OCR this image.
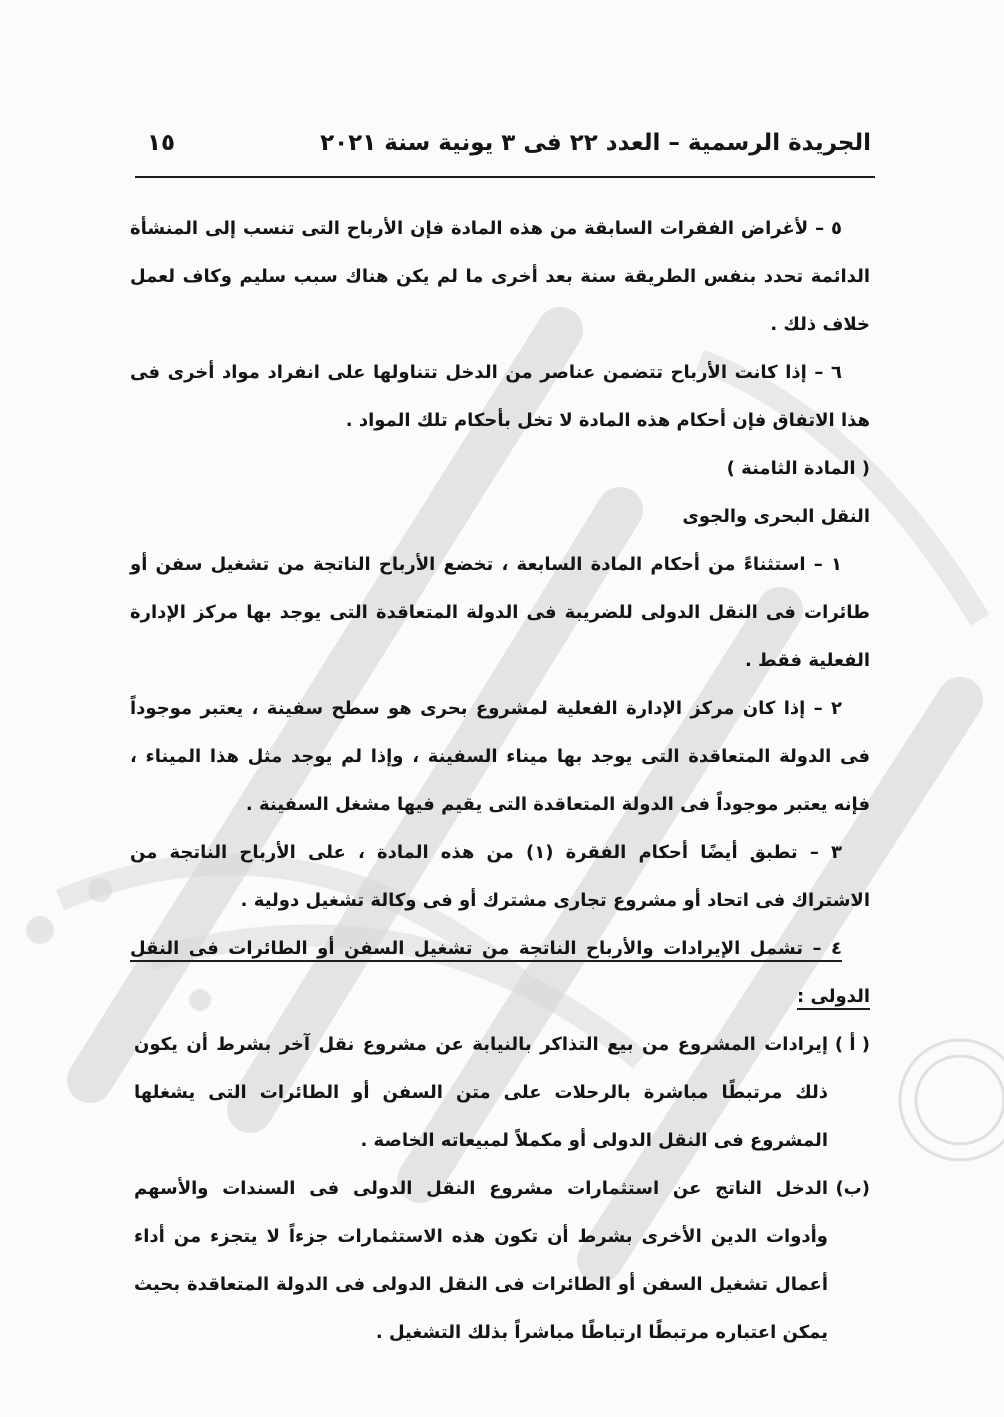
الجريدة الرسمية – العدد ٢٢ فى ٣ يونية سنة ٢٠٢١
١٥

٥ – لأغراض الفقرات السابقة من هذه المادة فإن الأرباح التى تنسب إلى المنشأة الدائمة تحدد بنفس الطريقة سنة بعد أخرى ما لم يكن هناك سبب سليم وكاف لعمل خلاف ذلك .

٦ – إذا كانت الأرباح تتضمن عناصر من الدخل تتناولها على انفراد مواد أخرى فى هذا الاتفاق فإن أحكام هذه المادة لا تخل بأحكام تلك المواد .

( المادة الثامنة )

النقل البحرى والجوى

١ – استثناءً من أحكام المادة السابعة ، تخضع الأرباح الناتجة من تشغيل سفن أو طائرات فى النقل الدولى للضريبة فى الدولة المتعاقدة التى يوجد بها مركز الإدارة الفعلية فقط .

٢ – إذا كان مركز الإدارة الفعلية لمشروع بحرى هو سطح سفينة ، يعتبر موجوداً فى الدولة المتعاقدة التى يوجد بها ميناء السفينة ، وإذا لم يوجد مثل هذا الميناء ، فإنه يعتبر موجوداً فى الدولة المتعاقدة التى يقيم فيها مشغل السفينة .

٣ – تطبق أيضًا أحكام الفقرة (١) من هذه المادة ، على الأرباح الناتجة من الاشتراك فى اتحاد أو مشروع تجارى مشترك أو فى وكالة تشغيل دولية .

٤ – تشمل الإيرادات والأرباح الناتجة من تشغيل السفن أو الطائرات فى النقل الدولى :

( أ )
إيرادات المشروع من بيع التذاكر بالنيابة عن مشروع نقل آخر بشرط أن يكون ذلك مرتبطًا مباشرة بالرحلات على متن السفن أو الطائرات التى يشغلها المشروع فى النقل الدولى أو مكملاً لمبيعاته الخاصة .
(ب)
الدخل الناتج عن استثمارات مشروع النقل الدولى فى السندات والأسهم وأدوات الدين الأخرى بشرط أن تكون هذه الاستثمارات جزءاً لا يتجزء من أداء أعمال تشغيل السفن أو الطائرات فى النقل الدولى فى الدولة المتعاقدة بحيث يمكن اعتباره مرتبطًا ارتباطًا مباشراً بذلك التشغيل .
